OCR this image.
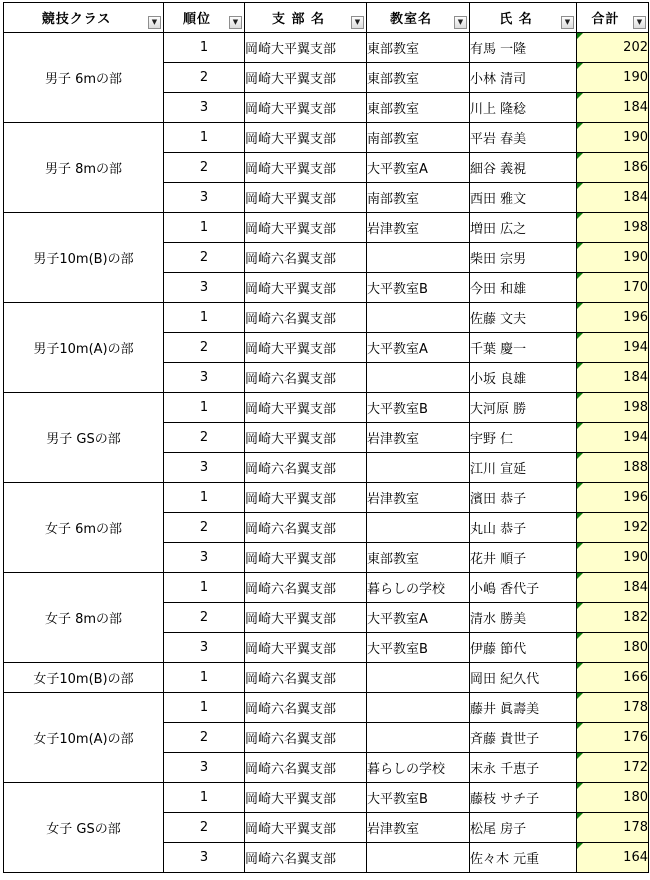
競技クラス ▼	順位 ▼	支 部 名 ▼	教室名 ▼	氏 名 ▼	合計 ▼

男子 6mの部	1	岡崎大平翼支部	東部教室	有馬 一隆	202
	2	岡崎大平翼支部	東部教室	小林 清司	190
	3	岡崎大平翼支部	東部教室	川上 隆稔	184
男子 8mの部	1	岡崎大平翼支部	南部教室	平岩 春美	190
	2	岡崎大平翼支部	大平教室A	細谷 義視	186
	3	岡崎大平翼支部	南部教室	西田 雅文	184
男子10m(B)の部	1	岡崎大平翼支部	岩津教室	増田 広之	198
	2	岡崎六名翼支部		柴田 宗男	190
	3	岡崎大平翼支部	大平教室B	今田 和雄	170
男子10m(A)の部	1	岡崎六名翼支部		佐藤 文夫	196
	2	岡崎大平翼支部	大平教室A	千葉 慶一	194
	3	岡崎六名翼支部		小坂 良雄	184
男子 GSの部	1	岡崎大平翼支部	大平教室B	大河原 勝	198
	2	岡崎大平翼支部	岩津教室	宇野 仁	194
	3	岡崎六名翼支部		江川 宣延	188
女子 6mの部	1	岡崎大平翼支部	岩津教室	濱田 恭子	196
	2	岡崎六名翼支部		丸山 恭子	192
	3	岡崎大平翼支部	東部教室	花井 順子	190
女子 8mの部	1	岡崎六名翼支部	暮らしの学校	小嶋 香代子	184
	2	岡崎大平翼支部	大平教室A	清水 勝美	182
	3	岡崎大平翼支部	大平教室B	伊藤 節代	180
女子10m(B)の部	1	岡崎六名翼支部		岡田 紀久代	166
女子10m(A)の部	1	岡崎六名翼支部		藤井 眞壽美	178
	2	岡崎六名翼支部		斉藤 貴世子	176
	3	岡崎六名翼支部	暮らしの学校	末永 千恵子	172
女子 GSの部	1	岡崎大平翼支部	大平教室B	藤枝 サチ子	180
	2	岡崎大平翼支部	岩津教室	松尾 房子	178
	3	岡崎六名翼支部		佐々木 元重	164
